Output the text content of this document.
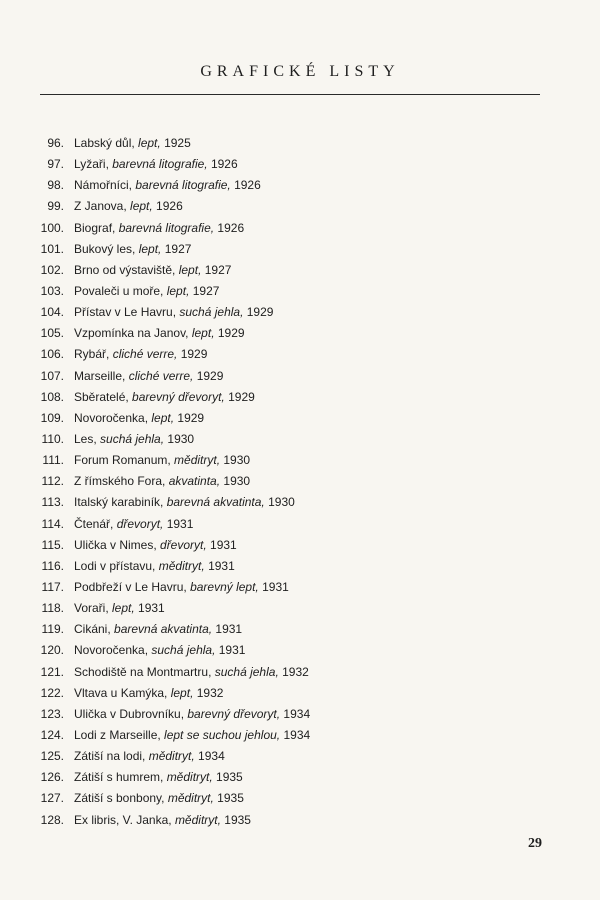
GRAFICKÉ LISTY
96. Labský důl, lept, 1925
97. Lyžaři, barevná litografie, 1926
98. Námořníci, barevná litografie, 1926
99. Z Janova, lept, 1926
100. Biograf, barevná litografie, 1926
101. Bukový les, lept, 1927
102. Brno od výstaviště, lept, 1927
103. Povaleči u moře, lept, 1927
104. Přístav v Le Havru, suchá jehla, 1929
105. Vzpomínka na Janov, lept, 1929
106. Rybář, cliché verre, 1929
107. Marseille, cliché verre, 1929
108. Sběratelé, barevný dřevoryt, 1929
109. Novoročenka, lept, 1929
110. Les, suchá jehla, 1930
111. Forum Romanum, měditryt, 1930
112. Z římského Fora, akvatinta, 1930
113. Italský karabiník, barevná akvatinta, 1930
114. Čtenář, dřevoryt, 1931
115. Ulička v Nimes, dřevoryt, 1931
116. Lodi v přístavu, měditryt, 1931
117. Podbřeží v Le Havru, barevný lept, 1931
118. Voraři, lept, 1931
119. Cikáni, barevná akvatinta, 1931
120. Novoročenka, suchá jehla, 1931
121. Schodiště na Montmartru, suchá jehla, 1932
122. Vltava u Kamýka, lept, 1932
123. Ulička v Dubrovníku, barevný dřevoryt, 1934
124. Lodi z Marseille, lept se suchou jehlou, 1934
125. Zátiší na lodi, měditryt, 1934
126. Zátiší s humrem, měditryt, 1935
127. Zátiší s bonbony, měditryt, 1935
128. Ex libris, V. Janka, měditryt, 1935
29
